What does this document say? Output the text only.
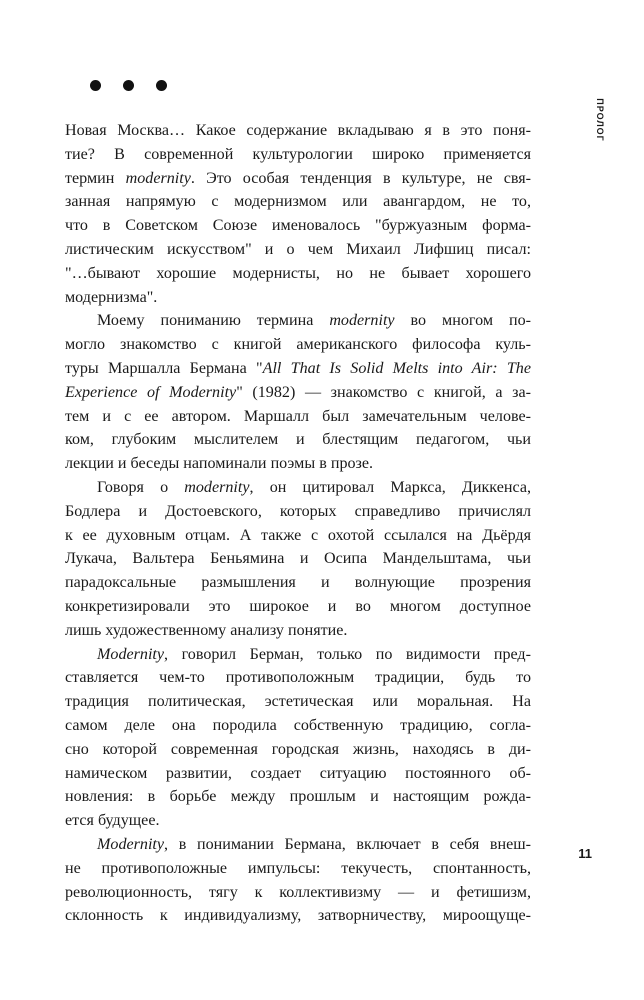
ПРОЛОГ
11
Новая Москва… Какое содержание вкладываю я в это поня-
тие? В современной культурологии широко применяется
термин modernity. Это особая тенденция в культуре, не свя-
занная напрямую с модернизмом или авангардом, не то,
что в Советском Союзе именовалось "буржуазным форма-
листическим искусством" и о чем Михаил Лифшиц писал:
"…бывают хорошие модернисты, но не бывает хорошего
модернизма".
Моему пониманию термина modernity во многом по-
могло знакомство с книгой американского философа куль-
туры Маршалла Бермана "All That Is Solid Melts into Air: The
Experience of Modernity" (1982) — знакомство с книгой, а за-
тем и с ее автором. Маршалл был замечательным челове-
ком, глубоким мыслителем и блестящим педагогом, чьи
лекции и беседы напоминали поэмы в прозе.
Говоря о modernity, он цитировал Маркса, Диккенса,
Бодлера и Достоевского, которых справедливо причислял
к ее духовным отцам. А также с охотой ссылался на Дьёрдя
Лукача, Вальтера Беньямина и Осипа Мандельштама, чьи
парадоксальные размышления и волнующие прозрения
конкретизировали это широкое и во многом доступное
лишь художественному анализу понятие.
Modernity, говорил Берман, только по видимости пред-
ставляется чем-то противоположным традиции, будь то
традиция политическая, эстетическая или моральная. На
самом деле она породила собственную традицию, согла-
сно которой современная городская жизнь, находясь в ди-
намическом развитии, создает ситуацию постоянного об-
новления: в борьбе между прошлым и настоящим рожда-
ется будущее.
Modernity, в понимании Бермана, включает в себя внеш-
не противоположные импульсы: текучесть, спонтанность,
революционность, тягу к коллективизму — и фетишизм,
склонность к индивидуализму, затворничеству, мироощуще-
